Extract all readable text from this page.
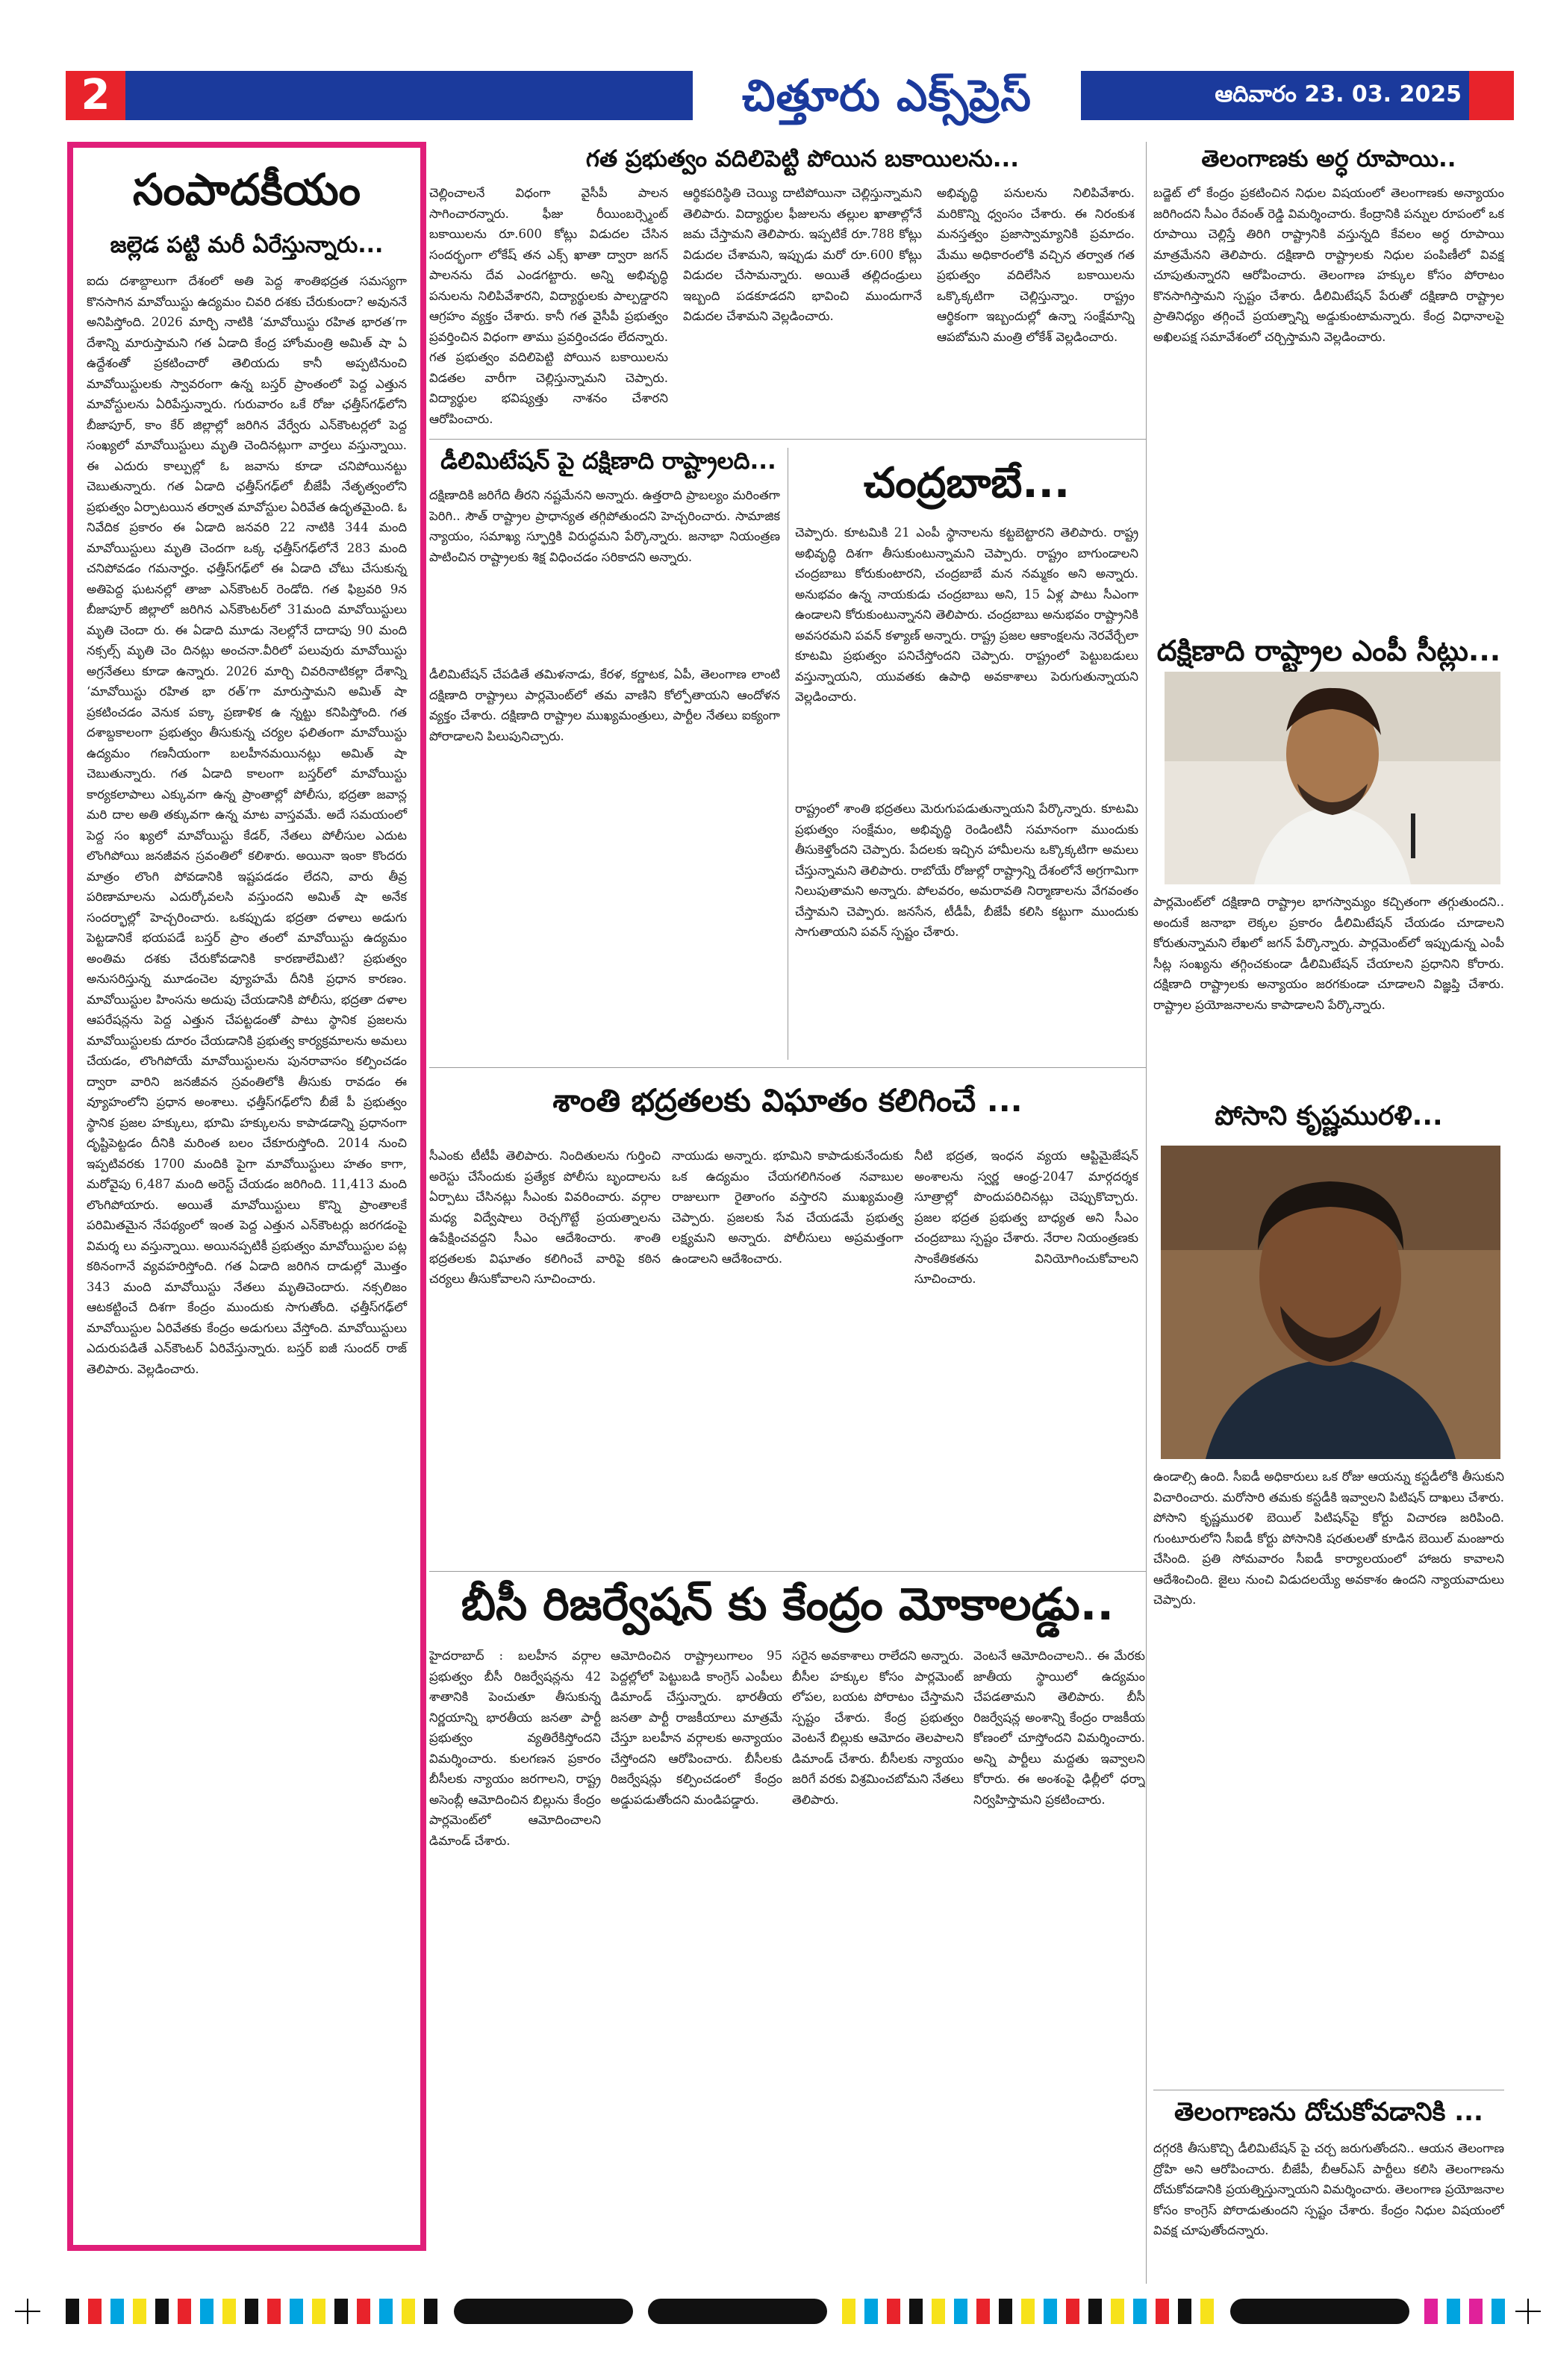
2	ఆదివారం 23. 03. 2025
చిత్తూరు ఎక్స్‌ప్రెస్
సంపాదకీయం
జల్లెడ పట్టి మరీ ఏరేస్తున్నారు...
ఐదు దశాబ్దాలుగా దేశంలో అతి పెద్ద శాంతిభద్రత సమస్యగా కొనసాగిన మావోయిస్టు ఉద్యమం చివరి దశకు చేరుకుందా? అవుననే అనిపిస్తోంది. 2026 మార్చి నాటికి ‘మావోయిస్టు రహిత భారత’గా దేశాన్ని మారుస్తామని గత ఏడాది కేంద్ర హోంమంత్రి అమిత్ షా ఏ ఉద్దేశంతో ప్రకటించారో తెలియదు కానీ అప్పటినుంచి మావోయిస్టులకు స్వావరంగా ఉన్న బస్తర్ ప్రాంతంలో పెద్ద ఎత్తున మావోస్టులను ఏరిపేస్తున్నారు. గురువారం ఒకే రోజు ఛత్తీస్‌గఢ్‌లోని బీజాపూర్, కాం కేర్ జిల్లాల్లో జరిగిన వేర్వేరు ఎన్‌కౌంటర్లలో పెద్ద సంఖ్యలో మావోయిస్టులు మృతి చెందినట్లుగా వార్తలు వస్తున్నాయి. ఈ ఎదురు కాల్పుల్లో ఓ జవాను కూడా చనిపోయినట్టు చెబుతున్నారు. గత ఏడాది ఛత్తీస్‌గఢ్‌లో బీజేపీ నేతృత్వంలోని ప్రభుత్వం ఏర్పాటయిన తర్వాత మావోస్టుల ఏరివేత ఉదృతమైంది. ఓ నివేదిక ప్రకారం ఈ ఏడాది జనవరి 22 నాటికి 344 మంది మావోయిస్టులు మృతి చెందగా ఒక్క ఛత్తీస్‌గఢ్‌లోనే 283 మంది చనిపోవడం గమనార్హం. ఛత్తీస్‌గఢ్‌లో ఈ ఏడాది చోటు చేసుకున్న అతిపెద్ద ఘటనల్లో తాజా ఎన్‌కౌంటర్ రెండోది. గత ఫిబ్రవరి 9న బీజాపూర్ జిల్లాలో జరిగిన ఎన్‌కౌంటర్‌లో 31మంది మావోయిస్టులు మృతి చెందా రు. ఈ ఏడాది మూడు నెలల్లోనే దాదాపు 90 మంది నక్సల్స్ మృతి చెం దినట్లు అంచనా.వీరిలో పలువురు మావోయిస్టు అగ్రనేతలు కూడా ఉన్నారు. 2026 మార్చి చివరినాటికల్లా దేశాన్ని ‘మావోయిస్టు రహిత భా రత్’గా మారుస్తామని అమిత్ షా ప్రకటించడం వెనుక పక్కా ప్రణాళిక ఉ న్నట్టు కనిపిస్తోంది. గత దశాబ్దకాలంగా ప్రభుత్వం తీసుకున్న చర్యల ఫలితంగా మావోయిస్టు ఉద్యమం గణనీయంగా బలహీనమయినట్లు అమిత్ షా చెబుతున్నారు. గత ఏడాది కాలంగా బస్తర్‌లో మావోయిస్టు కార్యకలాపాలు ఎక్కువగా ఉన్న ప్రాంతాల్లో పోలీసు, భద్రతా జవాన్ల మరి దాల అతి తక్కువగా ఉన్న మాట వాస్తవమే. అదే సమయంలో పెద్ద సం ఖ్యలో మావోయిస్టు కేడర్, నేతలు పోలీసుల ఎదుట లొంగిపోయి జనజీవన స్రవంతిలో కలిశారు. అయినా ఇంకా కొందరు మాత్రం లొంగి పోవడానికి ఇష్టపడడం లేదని, వారు తీవ్ర పరిణామాలను ఎదుర్కోవలసి వస్తుందని అమిత్ షా అనేక సందర్భాల్లో హెచ్చరించారు. ఒకప్పుడు భద్రతా దళాలు అడుగు పెట్టడానికే భయపడే బస్తర్ ప్రాం తంలో మావోయిస్టు ఉద్యమం అంతిమ దశకు చేరుకోవడానికి కారణాలేమిటి? ప్రభుత్వం అనుసరిస్తున్న మూడంచెల వ్యూహమే దీనికి ప్రధాన కారణం. మావోయిస్టుల హింసను అదుపు చేయడానికి పోలీసు, భద్రతా దళాల ఆపరేషన్లను పెద్ద ఎత్తున చేపట్టడంతో పాటు స్థానిక ప్రజలను మావోయిస్టులకు దూరం చేయడానికి ప్రభుత్వ కార్యక్రమాలను అమలు చేయడం, లొంగిపోయే మావోయిస్టులను పునరావాసం కల్పించడం ద్వారా వారిని జనజీవన స్రవంతిలోకి తీసుకు రావడం ఈ వ్యూహంలోని ప్రధాన అంశాలు. ఛత్తీస్‌గఢ్‌లోని బీజే పీ ప్రభుత్వం స్థానిక ప్రజల హక్కులు, భూమి హక్కులను కాపాడడాన్ని ప్రధానంగా దృష్టిపెట్టడం దీనికి మరింత బలం చేకూరుస్తోంది. 2014 నుంచి ఇప్పటివరకు 1700 మందికి పైగా మావోయిస్టులు హతం కాగా, మరోవైపు 6,487 మంది అరెస్ట్ చేయడం జరిగింది. 11,413 మంది లొంగిపోయారు. అయితే మావోయిస్టులు కొన్ని ప్రాంతాలకే పరిమితమైన నేపథ్యంలో ఇంత పెద్ద ఎత్తున ఎన్‌కౌంటర్లు జరగడంపై విమర్శ లు వస్తున్నాయి. అయినప్పటికీ ప్రభుత్వం మావోయిస్టుల పట్ల కఠినంగానే వ్యవహరిస్తోంది. గత ఏడాది జరిగిన దాడుల్లో మొత్తం 343 మంది మావోయిస్టు నేతలు మృతిచెందారు. నక్సలిజం ఆటకట్టించే దిశగా కేంద్రం ముందుకు సాగుతోంది. ఛత్తీస్‌గఢ్‌లో మావోయిస్టుల ఏరివేతకు కేంద్రం అడుగులు వేస్తోంది. మావోయిస్టులు ఎదురుపడితే ఎన్‌కౌంటర్ ఏరివేస్తున్నారు. బస్తర్ ఐజీ సుందర్ రాజ్ తెలిపారు. వెల్లడించారు.
గత ప్రభుత్వం వదిలిపెట్టి పోయిన బకాయిలను...
చెల్లించాలనే విధంగా వైసీపీ పాలన సాగించారన్నారు. ఫీజు రీయింబర్స్మెంట్ బకాయిలను రూ.600 కోట్లు విడుదల చేసిన సందర్భంగా లోకేష్ తన ఎక్స్ ఖాతా ద్వారా జగన్ పాలనను దేవ ఎండగట్టారు. అన్ని అభివృద్ధి పనులను నిలిపివేశారని, విద్యార్థులకు పాల్పడ్డారని ఆగ్రహం వ్యక్తం చేశారు. కానీ గత వైసీపీ ప్రభుత్వం ప్రవర్తించిన విధంగా తాము ప్రవర్తించడం లేదన్నారు. గత ప్రభుత్వం వదిలిపెట్టి పోయిన బకాయిలను విడతల వారీగా చెల్లిస్తున్నామని చెప్పారు. విద్యార్థుల భవిష్యత్తు నాశనం చేశారని ఆరోపించారు.
ఆర్థికపరిస్థితి చెయ్యి దాటిపోయినా చెల్లిస్తున్నామని తెలిపారు. విద్యార్థుల ఫీజులను తల్లుల ఖాతాల్లోనే జమ చేస్తామని తెలిపారు. ఇప్పటికే రూ.788 కోట్లు విడుదల చేశామని, ఇప్పుడు మరో రూ.600 కోట్లు విడుదల చేసామన్నారు. అయితే తల్లిదండ్రులు ఇబ్బంది పడకూడదని భావించి ముందుగానే విడుదల చేశామని వెల్లడించారు.
అభివృద్ధి పనులను నిలిపివేశారు. మరికొన్ని ధ్వంసం చేశారు. ఈ నిరంకుశ మనస్తత్వం ప్రజాస్వామ్యానికి ప్రమాదం. మేము అధికారంలోకి వచ్చిన తర్వాత గత ప్రభుత్వం వదిలేసిన బకాయిలను ఒక్కొక్కటిగా చెల్లిస్తున్నాం. రాష్ట్రం ఆర్థికంగా ఇబ్బందుల్లో ఉన్నా సంక్షేమాన్ని ఆపబోమని మంత్రి లోకేశ్ వెల్లడించారు.
తెలంగాణకు అర్ధ రూపాయి..
బడ్జెట్ లో కేంద్రం ప్రకటించిన నిధుల విషయంలో తెలంగాణకు అన్యాయం జరిగిందని సీఎం రేవంత్ రెడ్డి విమర్శించారు. కేంద్రానికి పన్నుల రూపంలో ఒక రూపాయి చెల్లిస్తే తిరిగి రాష్ట్రానికి వస్తున్నది కేవలం అర్ధ రూపాయి మాత్రమేనని తెలిపారు. దక్షిణాది రాష్ట్రాలకు నిధుల పంపిణీలో వివక్ష చూపుతున్నారని ఆరోపించారు. తెలంగాణ హక్కుల కోసం పోరాటం కొనసాగిస్తామని స్పష్టం చేశారు. డీలిమిటేషన్ పేరుతో దక్షిణాది రాష్ట్రాల ప్రాతినిధ్యం తగ్గించే ప్రయత్నాన్ని అడ్డుకుంటామన్నారు. కేంద్ర విధానాలపై అఖిలపక్ష సమావేశంలో చర్చిస్తామని వెల్లడించారు.
డీలిమిటేషన్ పై దక్షిణాది రాష్ట్రాలది...
దక్షిణాదికి జరిగేది తీరని నష్టమేనని అన్నారు. ఉత్తరాది ప్రాబల్యం మరింతగా పెరిగి.. సౌత్ రాష్ట్రాల ప్రాధాన్యత తగ్గిపోతుందని హెచ్చరించారు. సామాజిక న్యాయం, సమాఖ్య స్ఫూర్తికి విరుద్ధమని పేర్కొన్నారు. జనాభా నియంత్రణ పాటించిన రాష్ట్రాలకు శిక్ష విధించడం సరికాదని అన్నారు.
డీలిమిటేషన్ చేపడితే తమిళనాడు, కేరళ, కర్ణాటక, ఏపీ, తెలంగాణ లాంటి దక్షిణాది రాష్ట్రాలు పార్లమెంట్‌లో తమ వాణిని కోల్పోతాయని ఆందోళన వ్యక్తం చేశారు. దక్షిణాది రాష్ట్రాల ముఖ్యమంత్రులు, పార్టీల నేతలు ఐక్యంగా పోరాడాలని పిలుపునిచ్చారు.
చంద్రబాబే...
చెప్పారు. కూటమికి 21 ఎంపీ స్థానాలను కట్టబెట్టారని తెలిపారు. రాష్ట్ర అభివృద్ధి దిశగా తీసుకుంటున్నామని చెప్పారు. రాష్ట్రం బాగుండాలని చంద్రబాబు కోరుకుంటారని, చంద్రబాబే మన నమ్మకం అని అన్నారు. అనుభవం ఉన్న నాయకుడు చంద్రబాబు అని, 15 ఏళ్ల పాటు సీఎంగా ఉండాలని కోరుకుంటున్నానని తెలిపారు. చంద్రబాబు అనుభవం రాష్ట్రానికి అవసరమని పవన్ కళ్యాణ్ అన్నారు. రాష్ట్ర ప్రజల ఆకాంక్షలను నెరవేర్చేలా కూటమి ప్రభుత్వం పనిచేస్తోందని చెప్పారు. రాష్ట్రంలో పెట్టుబడులు వస్తున్నాయని, యువతకు ఉపాధి అవకాశాలు పెరుగుతున్నాయని వెల్లడించారు.
రాష్ట్రంలో శాంతి భద్రతలు మెరుగుపడుతున్నాయని పేర్కొన్నారు. కూటమి ప్రభుత్వం సంక్షేమం, అభివృద్ధి రెండింటినీ సమానంగా ముందుకు తీసుకెళ్తోందని చెప్పారు. పేదలకు ఇచ్చిన హామీలను ఒక్కొక్కటిగా అమలు చేస్తున్నామని తెలిపారు. రాబోయే రోజుల్లో రాష్ట్రాన్ని దేశంలోనే అగ్రగామిగా నిలుపుతామని అన్నారు. పోలవరం, అమరావతి నిర్మాణాలను వేగవంతం చేస్తామని చెప్పారు. జనసేన, టీడీపీ, బీజేపీ కలిసి కట్టుగా ముందుకు సాగుతాయని పవన్ స్పష్టం చేశారు.
దక్షిణాది రాష్ట్రాల ఎంపీ సీట్లు...
పార్లమెంట్‌లో దక్షిణాది రాష్ట్రాల భాగస్వామ్యం కచ్చితంగా తగ్గుతుందని.. అందుకే జనాభా లెక్కల ప్రకారం డీలిమిటేషన్ చేయడం చూడాలని కోరుతున్నామని లేఖలో జగన్ పేర్కొన్నారు. పార్లమెంట్‌లో ఇప్పుడున్న ఎంపీ సీట్ల సంఖ్యను తగ్గించకుండా డీలిమిటేషన్ చేయాలని ప్రధానిని కోరారు. దక్షిణాది రాష్ట్రాలకు అన్యాయం జరగకుండా చూడాలని విజ్ఞప్తి చేశారు. రాష్ట్రాల ప్రయోజనాలను కాపాడాలని పేర్కొన్నారు.
శాంతి భద్రతలకు విఘాతం కలిగించే ...
సీఎంకు టీటీపీ తెలిపారు. నిందితులను గుర్తించి అరెస్టు చేసేందుకు ప్రత్యేక పోలీసు బృందాలను ఏర్పాటు చేసినట్లు సీఎంకు వివరించారు. వర్గాల మధ్య విద్వేషాలు రెచ్చగొట్టే ప్రయత్నాలను ఉపేక్షించవద్దని సీఎం ఆదేశించారు. శాంతి భద్రతలకు విఘాతం కలిగించే వారిపై కఠిన చర్యలు తీసుకోవాలని సూచించారు.
నాయుడు అన్నారు. భూమిని కాపాడుకునేందుకు ఒక ఉద్యమం చేయగలిగినంత నవాబుల రాజులుగా రైతాంగం వస్తారని ముఖ్యమంత్రి చెప్పారు. ప్రజలకు సేవ చేయడమే ప్రభుత్వ లక్ష్యమని అన్నారు. పోలీసులు అప్రమత్తంగా ఉండాలని ఆదేశించారు.
నీటి భద్రత, ఇంధన వ్యయ ఆప్టిమైజేషన్ అంశాలను స్వర్ణ ఆంధ్ర-2047 మార్గదర్శక సూత్రాల్లో పొందుపరిచినట్లు చెప్పుకొచ్చారు. ప్రజల భద్రత ప్రభుత్వ బాధ్యత అని సీఎం చంద్రబాబు స్పష్టం చేశారు. నేరాల నియంత్రణకు సాంకేతికతను వినియోగించుకోవాలని సూచించారు.
పోసాని కృష్ణమురళి...
ఉండాల్సి ఉంది. సీఐడీ అధికారులు ఒక రోజు ఆయన్ను కస్టడీలోకి తీసుకుని విచారించారు. మరోసారి తమకు కస్టడీకి ఇవ్వాలని పిటిషన్ దాఖలు చేశారు. పోసాని కృష్ణమురళి బెయిల్ పిటిషన్‌పై కోర్టు విచారణ జరిపింది. గుంటూరులోని సీఐడీ కోర్టు పోసానికి షరతులతో కూడిన బెయిల్ మంజూరు చేసింది. ప్రతి సోమవారం సీఐడీ కార్యాలయంలో హాజరు కావాలని ఆదేశించింది. జైలు నుంచి విడుదలయ్యే అవకాశం ఉందని న్యాయవాదులు చెప్పారు.
బీసీ రిజర్వేషన్ కు కేంద్రం మోకాలడ్డు..
హైదరాబాద్ : బలహీన వర్గాల ప్రభుత్వం బీసీ రిజర్వేషన్లను 42 శాతానికి పెంచుతూ తీసుకున్న నిర్ణయాన్ని భారతీయ జనతా పార్టీ ప్రభుత్వం వ్యతిరేకిస్తోందని విమర్శించారు. కులగణన ప్రకారం బీసీలకు న్యాయం జరగాలని, రాష్ట్ర అసెంబ్లీ ఆమోదించిన బిల్లును కేంద్రం పార్లమెంట్‌లో ఆమోదించాలని డిమాండ్ చేశారు.
ఆమోదించిన రాష్ట్రాలుగాలం 95 పెద్దల్లోలో పెట్టుబడి కాంగ్రెస్ ఎంపీలు డిమాండ్ చేస్తున్నారు. భారతీయ జనతా పార్టీ రాజకీయాలు మాత్రమే చేస్తూ బలహీన వర్గాలకు అన్యాయం చేస్తోందని ఆరోపించారు. బీసీలకు రిజర్వేషన్లు కల్పించడంలో కేంద్రం అడ్డుపడుతోందని మండిపడ్డారు.
సరైన అవకాశాలు రాలేదని అన్నారు. బీసీల హక్కుల కోసం పార్లమెంట్ లోపల, బయట పోరాటం చేస్తామని స్పష్టం చేశారు. కేంద్ర ప్రభుత్వం వెంటనే బిల్లుకు ఆమోదం తెలపాలని డిమాండ్ చేశారు. బీసీలకు న్యాయం జరిగే వరకు విశ్రమించబోమని నేతలు తెలిపారు.
వెంటనే ఆమోదించాలని.. ఈ మేరకు జాతీయ స్థాయిలో ఉద్యమం చేపడతామని తెలిపారు. బీసీ రిజర్వేషన్ల అంశాన్ని కేంద్రం రాజకీయ కోణంలో చూస్తోందని విమర్శించారు. అన్ని పార్టీలు మద్దతు ఇవ్వాలని కోరారు. ఈ అంశంపై ఢిల్లీలో ధర్నా నిర్వహిస్తామని ప్రకటించారు.
తెలంగాణను దోచుకోవడానికి ...
దగ్గరకి తీసుకొచ్చి డీలిమిటేషన్ పై చర్చ జరుగుతోందని.. ఆయన తెలంగాణ ద్రోహి అని ఆరోపించారు. బీజేపీ, బీఆర్ఎస్ పార్టీలు కలిసి తెలంగాణను దోచుకోవడానికి ప్రయత్నిస్తున్నాయని విమర్శించారు. తెలంగాణ ప్రయోజనాల కోసం కాంగ్రెస్ పోరాడుతుందని స్పష్టం చేశారు. కేంద్రం నిధుల విషయంలో వివక్ష చూపుతోందన్నారు.
